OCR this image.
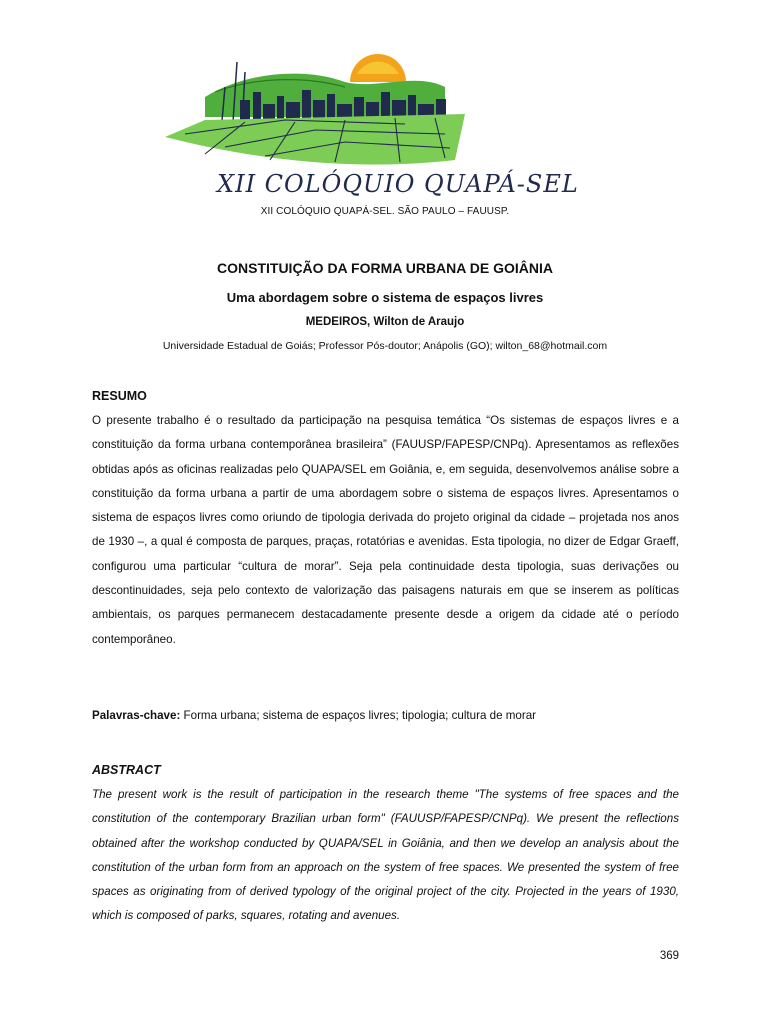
XII COLÓQUIO QUAPÁ-SEL
XII COLÓQUIO QUAPÁ-SEL. SÃO PAULO – FAUUSP.
CONSTITUIÇÃO DA FORMA URBANA DE GOIÂNIA
Uma abordagem sobre o sistema de espaços livres
MEDEIROS, Wilton de Araujo
Universidade Estadual de Goiás; Professor Pós-doutor; Anápolis (GO); wilton_68@hotmail.com
RESUMO
O presente trabalho é o resultado da participação na pesquisa temática “Os sistemas de espaços livres e a constituição da forma urbana contemporânea brasileira” (FAUUSP/FAPESP/CNPq). Apresentamos as reflexões obtidas após as oficinas realizadas pelo QUAPA/SEL em Goiânia, e, em seguida, desenvolvemos análise sobre a constituição da forma urbana a partir de uma abordagem sobre o sistema de espaços livres. Apresentamos o sistema de espaços livres como oriundo de tipologia derivada do projeto original da cidade – projetada nos anos de 1930 –, a qual é composta de parques, praças, rotatórias e avenidas. Esta tipologia, no dizer de Edgar Graeff, configurou uma particular “cultura de morar”. Seja pela continuidade desta tipologia, suas derivações ou descontinuidades, seja pelo contexto de valorização das paisagens naturais em que se inserem as políticas ambientais, os parques permanecem destacadamente presente desde a origem da cidade até o período contemporâneo.
Palavras-chave: Forma urbana; sistema de espaços livres; tipologia; cultura de morar
ABSTRACT
The present work is the result of participation in the research theme "The systems of free spaces and the constitution of the contemporary Brazilian urban form" (FAUUSP/FAPESP/CNPq). We present the reflections obtained after the workshop conducted by QUAPA/SEL in Goiânia, and then we develop an analysis about the constitution of the urban form from an approach on the system of free spaces. We presented the system of free spaces as originating from of derived typology of the original project of the city. Projected in the years of 1930, which is composed of parks, squares, rotating and avenues.
369
